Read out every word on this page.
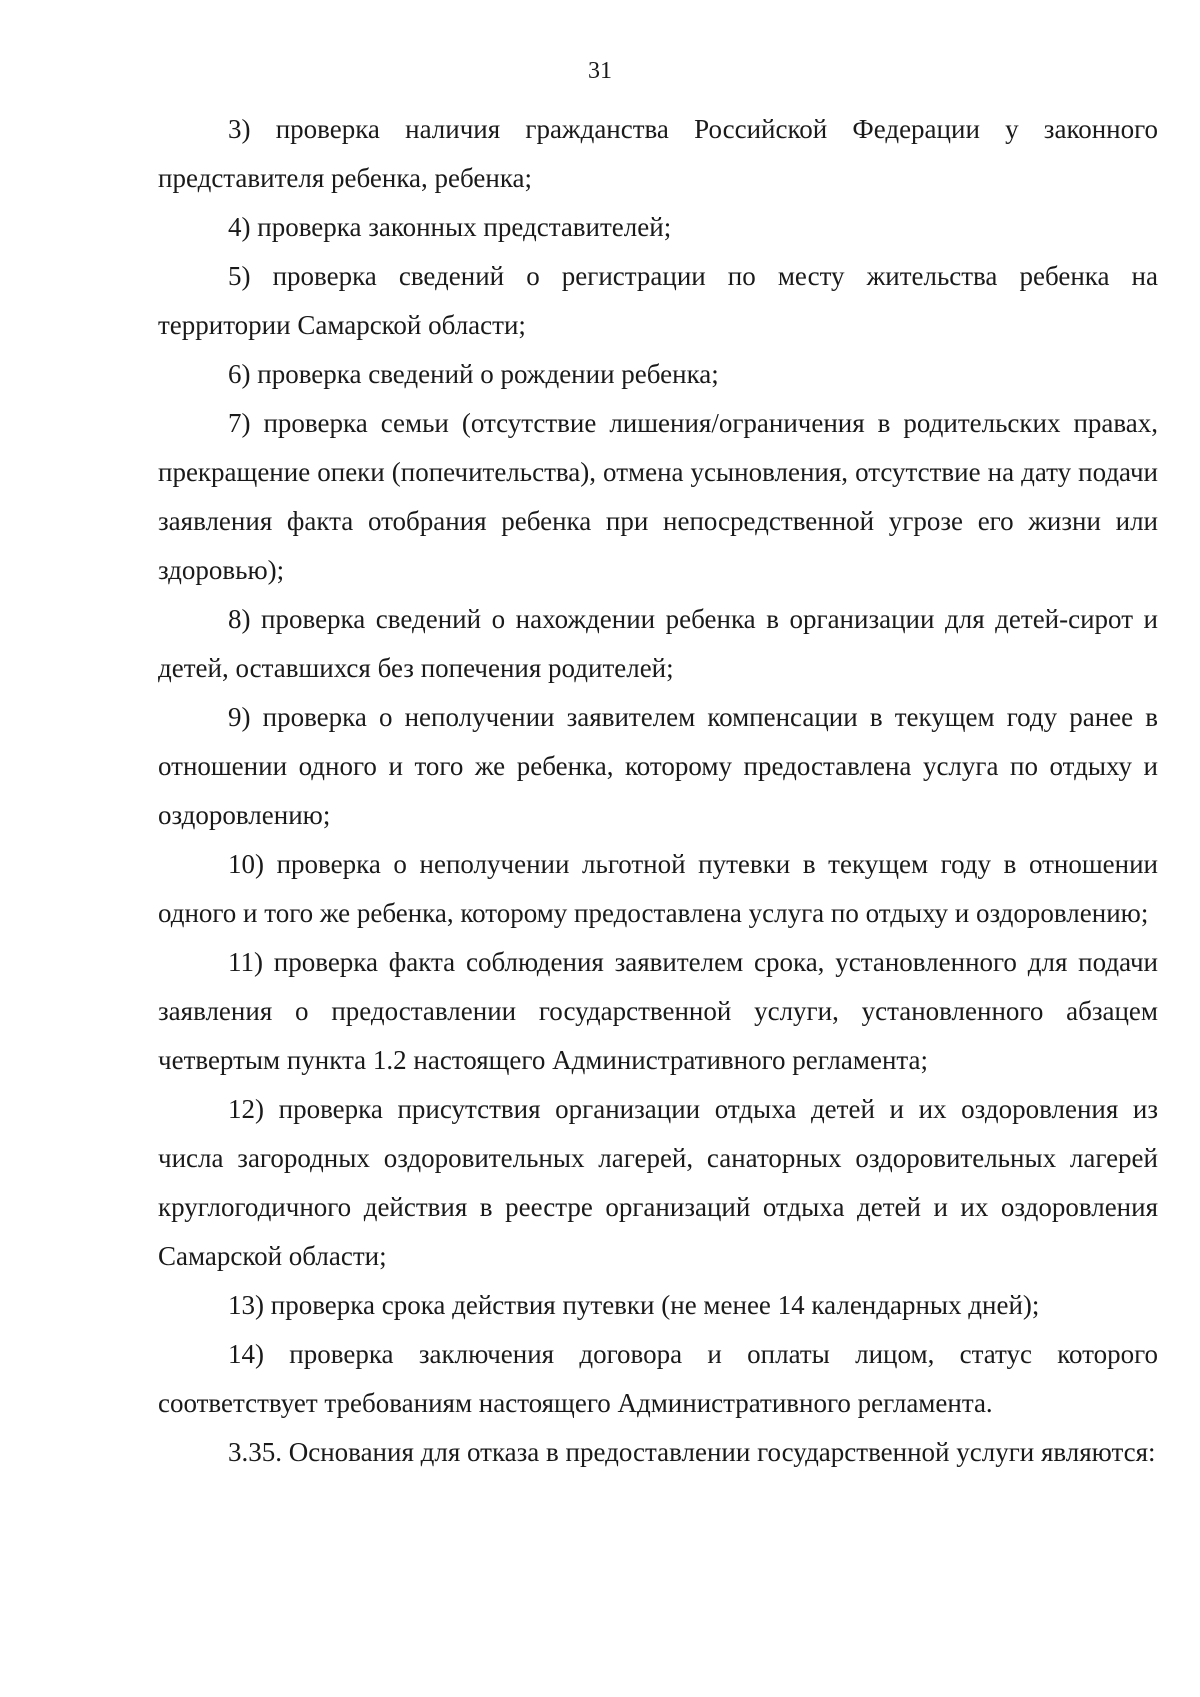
31

3) проверка наличия гражданства Российской Федерации у законного представителя ребенка, ребенка;

4) проверка законных представителей;

5) проверка сведений о регистрации по месту жительства ребенка на территории Самарской области;

6) проверка сведений о рождении ребенка;

7) проверка семьи (отсутствие лишения/ограничения в родительских правах, прекращение опеки (попечительства), отмена усыновления, отсутствие на дату подачи заявления факта отобрания ребенка при непосредственной угрозе его жизни или здоровью);

8) проверка сведений о нахождении ребенка в организации для детей-сирот и детей, оставшихся без попечения родителей;

9) проверка о неполучении заявителем компенсации в текущем году ранее в отношении одного и того же ребенка, которому предоставлена услуга по отдыху и оздоровлению;

10) проверка о неполучении льготной путевки в текущем году в отношении одного и того же ребенка, которому предоставлена услуга по отдыху и оздоровлению;

11) проверка факта соблюдения заявителем срока, установленного для подачи заявления о предоставлении государственной услуги, установленного абзацем четвертым пункта 1.2 настоящего Административного регламента;

12) проверка присутствия организации отдыха детей и их оздоровления из числа загородных оздоровительных лагерей, санаторных оздоровительных лагерей круглогодичного действия в реестре организаций отдыха детей и их оздоровления Самарской области;

13) проверка срока действия путевки (не менее 14 календарных дней);

14) проверка заключения договора и оплаты лицом, статус которого соответствует требованиям настоящего Административного регламента.

3.35. Основания для отказа в предоставлении государственной услуги являются:
